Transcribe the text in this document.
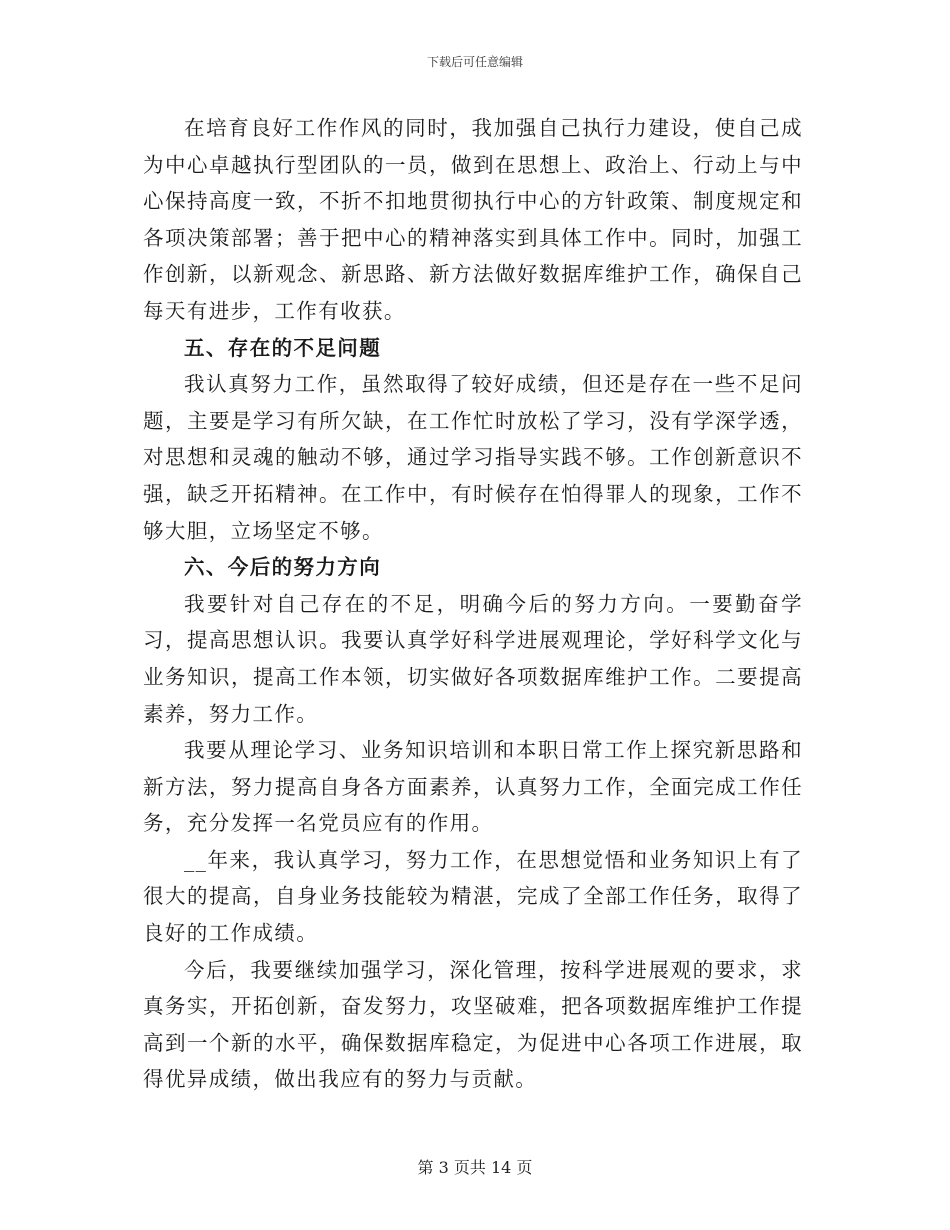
下载后可任意编辑

在培育良好工作作风的同时，我加强自己执行力建设，使自己成为中心卓越执行型团队的一员，做到在思想上、政治上、行动上与中心保持高度一致，不折不扣地贯彻执行中心的方针政策、制度规定和各项决策部署；善于把中心的精神落实到具体工作中。同时，加强工作创新，以新观念、新思路、新方法做好数据库维护工作，确保自己每天有进步，工作有收获。

五、存在的不足问题

我认真努力工作，虽然取得了较好成绩，但还是存在一些不足问题，主要是学习有所欠缺，在工作忙时放松了学习，没有学深学透，对思想和灵魂的触动不够，通过学习指导实践不够。工作创新意识不强，缺乏开拓精神。在工作中，有时候存在怕得罪人的现象，工作不够大胆，立场坚定不够。

六、今后的努力方向

我要针对自己存在的不足，明确今后的努力方向。一要勤奋学习，提高思想认识。我要认真学好科学进展观理论，学好科学文化与业务知识，提高工作本领，切实做好各项数据库维护工作。二要提高素养，努力工作。

我要从理论学习、业务知识培训和本职日常工作上探究新思路和新方法，努力提高自身各方面素养，认真努力工作，全面完成工作任务，充分发挥一名党员应有的作用。

__年来，我认真学习，努力工作，在思想觉悟和业务知识上有了很大的提高，自身业务技能较为精湛，完成了全部工作任务，取得了良好的工作成绩。

今后，我要继续加强学习，深化管理，按科学进展观的要求，求真务实，开拓创新，奋发努力，攻坚破难，把各项数据库维护工作提高到一个新的水平，确保数据库稳定，为促进中心各项工作进展，取得优异成绩，做出我应有的努力与贡献。

第 3 页共 14 页
